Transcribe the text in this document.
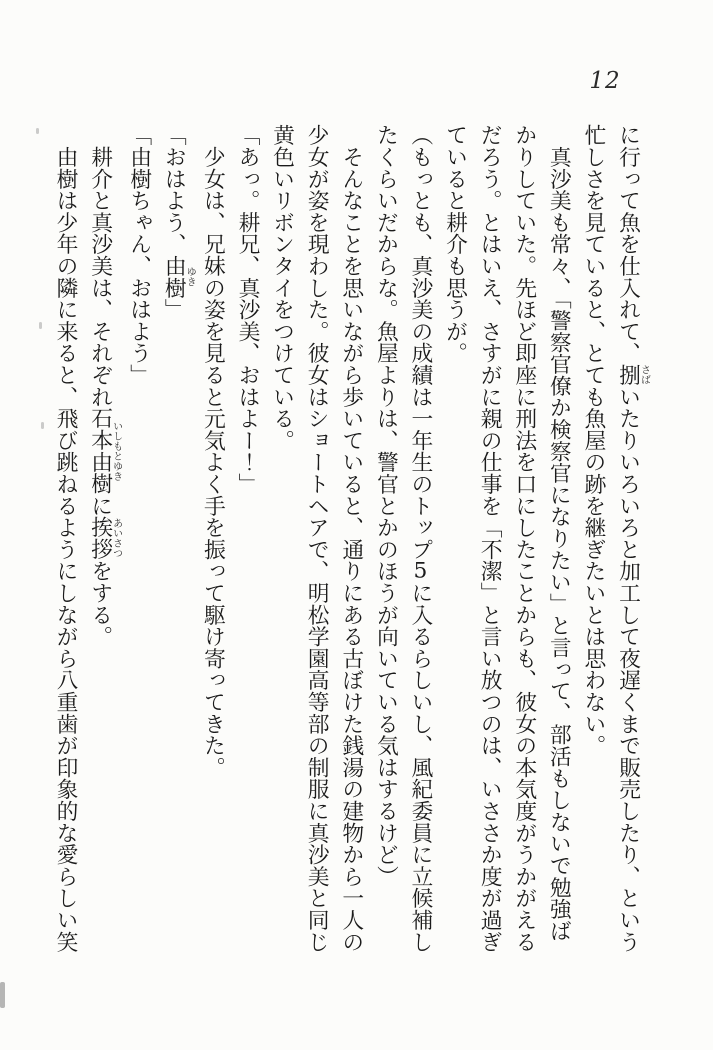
12

に行って魚を仕入れて、捌さばいたりいろいろと加工して夜遅くまで販売したり、という忙しさを見ていると、とても魚屋の跡を継ぎたいとは思わない。

　真沙美も常々、「警察官僚か検察官になりたい」と言って、部活もしないで勉強ばかりしていた。先ほど即座に刑法を口にしたことからも、彼女の本気度がうかがえるだろう。とはいえ、さすがに親の仕事を「不潔」と言い放つのは、いささか度が過ぎていると耕介も思うが。

（もっとも、真沙美の成績は一年生のトップ5に入るらしいし、風紀委員に立候補したくらいだからな。魚屋よりは、警官とかのほうが向いている気はするけど）

　そんなことを思いながら歩いていると、通りにある古ぼけた銭湯の建物から一人の少女が姿を現わした。彼女はショートヘアで、明松学園高等部の制服に真沙美と同じ黄色いリボンタイをつけている。

「あっ。耕兄、真沙美、おはよー！」

　少女は、兄妹の姿を見ると元気よく手を振って駆け寄ってきた。

「おはよう、由樹ゆき」

「由樹ちゃん、おはよう」

　耕介と真沙美は、それぞれ石本由樹いしもとゆきに挨拶あいさつをする。

　由樹は少年の隣に来ると、飛び跳ねるようにしながら八重歯が印象的な愛らしい笑
